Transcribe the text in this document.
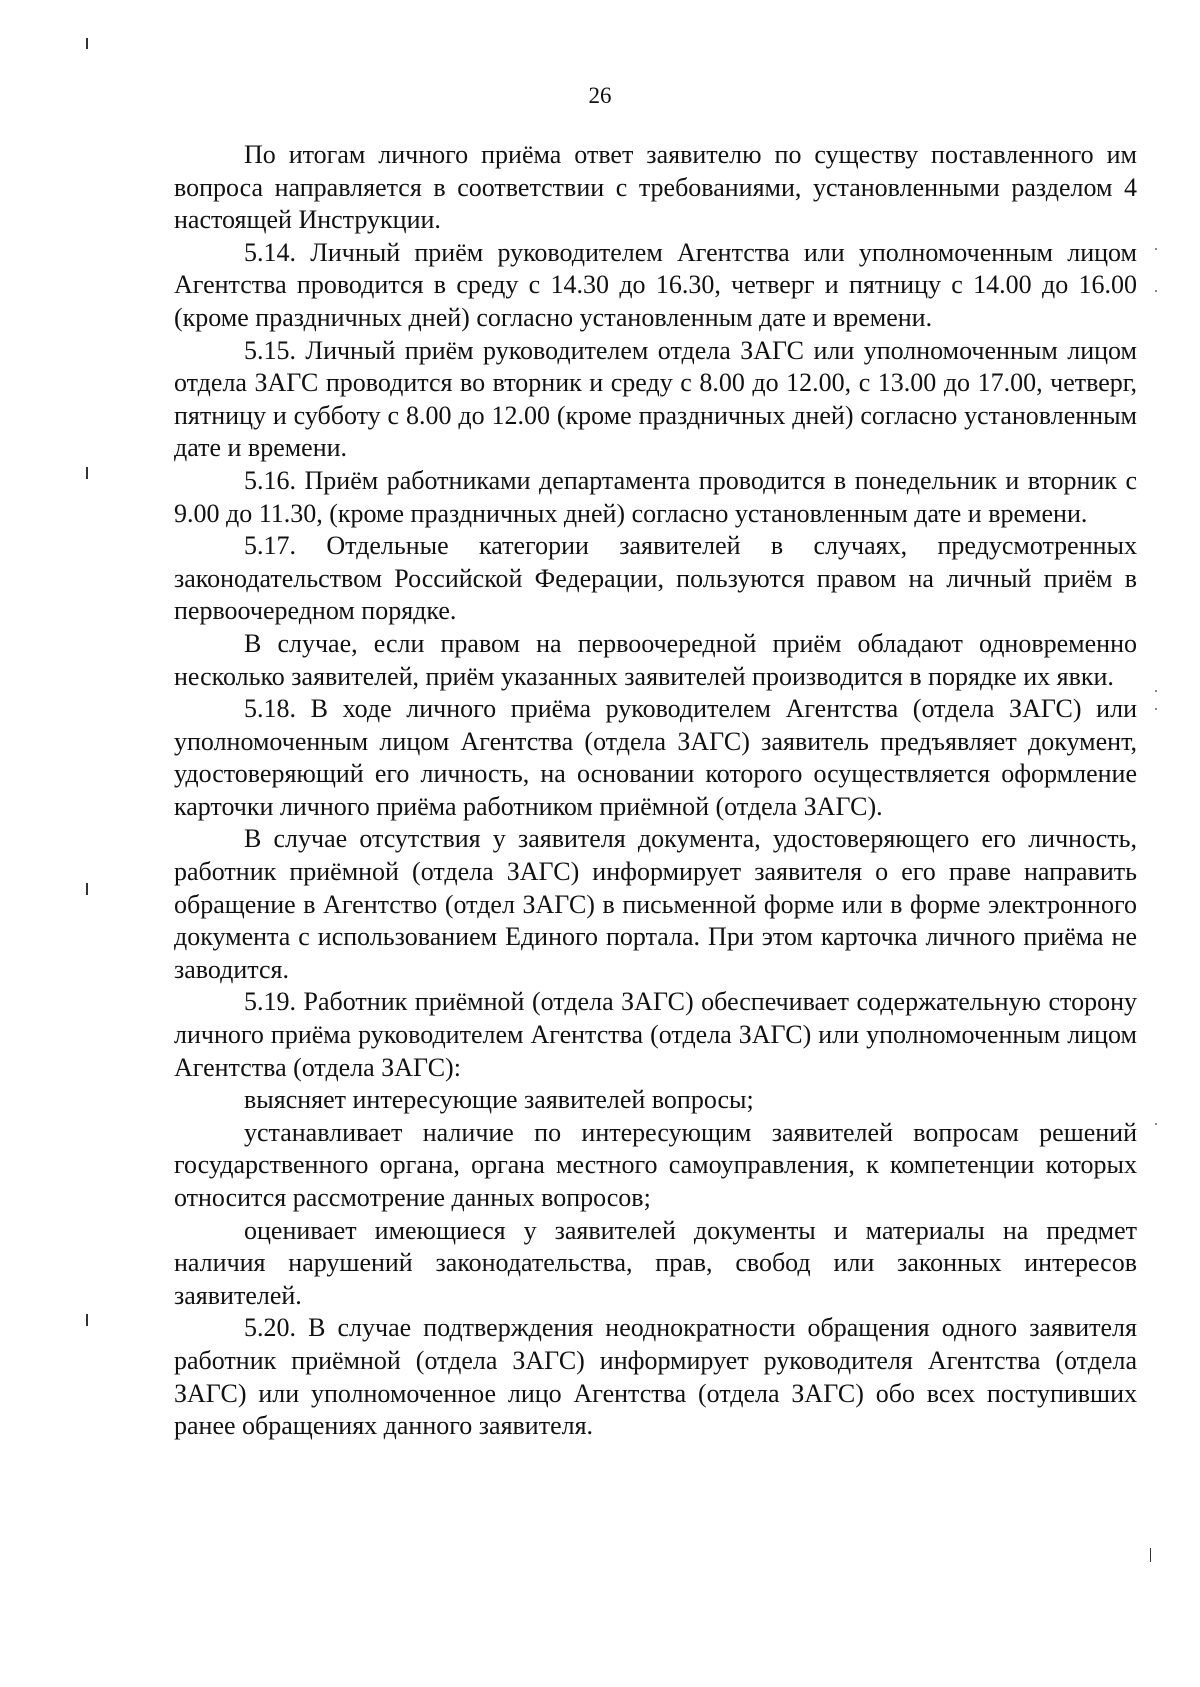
26

По итогам личного приёма ответ заявителю по существу поставленного им вопроса направляется в соответствии с требованиями, установленными разделом 4 настоящей Инструкции.

5.14. Личный приём руководителем Агентства или уполномоченным лицом Агентства проводится в среду с 14.30 до 16.30, четверг и пятницу с 14.00 до 16.00 (кроме праздничных дней) согласно установленным дате и времени.

5.15. Личный приём руководителем отдела ЗАГС или уполномоченным лицом отдела ЗАГС проводится во вторник и среду с 8.00 до 12.00, с 13.00 до 17.00, четверг, пятницу и субботу с 8.00 до 12.00 (кроме праздничных дней) согласно установленным дате и времени.

5.16. Приём работниками департамента проводится в понедельник и вторник с 9.00 до 11.30, (кроме праздничных дней) согласно установленным дате и времени.

5.17. Отдельные категории заявителей в случаях, предусмотренных законодательством Российской Федерации, пользуются правом на личный приём в первоочередном порядке.

В случае, если правом на первоочередной приём обладают одновременно несколько заявителей, приём указанных заявителей производится в порядке их явки.

5.18. В ходе личного приёма руководителем Агентства (отдела ЗАГС) или уполномоченным лицом Агентства (отдела ЗАГС) заявитель предъявляет документ, удостоверяющий его личность, на основании которого осуществляется оформление карточки личного приёма работником приёмной (отдела ЗАГС).

В случае отсутствия у заявителя документа, удостоверяющего его личность, работник приёмной (отдела ЗАГС) информирует заявителя о его праве направить обращение в Агентство (отдел ЗАГС) в письменной форме или в форме электронного документа с использованием Единого портала. При этом карточка личного приёма не заводится.

5.19. Работник приёмной (отдела ЗАГС) обеспечивает содержательную сторону личного приёма руководителем Агентства (отдела ЗАГС) или уполномоченным лицом Агентства (отдела ЗАГС):

выясняет интересующие заявителей вопросы;

устанавливает наличие по интересующим заявителей вопросам решений государственного органа, органа местного самоуправления, к компетенции которых относится рассмотрение данных вопросов;

оценивает имеющиеся у заявителей документы и материалы на предмет наличия нарушений законодательства, прав, свобод или законных интересов заявителей.

5.20. В случае подтверждения неоднократности обращения одного заявителя работник приёмной (отдела ЗАГС) информирует руководителя Агентства (отдела ЗАГС) или уполномоченное лицо Агентства (отдела ЗАГС) обо всех поступивших ранее обращениях данного заявителя.
